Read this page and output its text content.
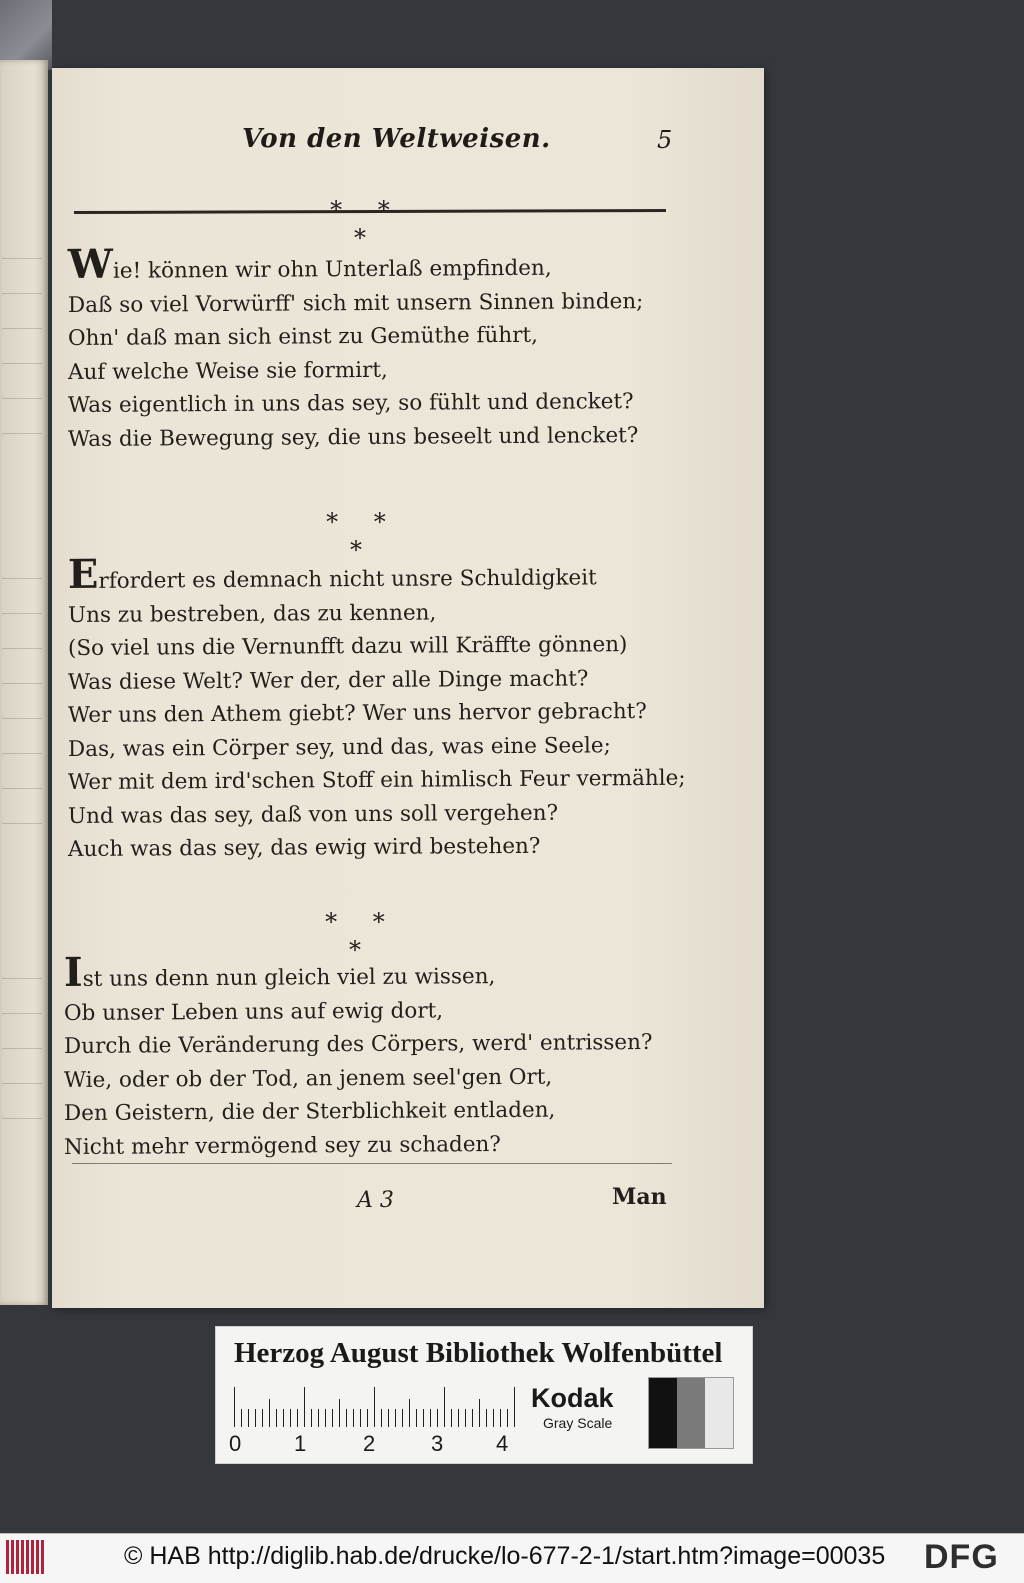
Von den Weltweisen.	5
* * *
Wie! können wir ohn Unterlaß empfinden,
Daß so viel Vorwürff' sich mit unsern Sinnen binden;
Ohn' daß man sich einst zu Gemüthe führt,
Auf welche Weise sie formirt,
Was eigentlich in uns das sey, so fühlt und dencket?
Was die Bewegung sey, die uns beseelt und lencket?
* * *
Erfordert es demnach nicht unsre Schuldigkeit
Uns zu bestreben, das zu kennen,
(So viel uns die Vernunfft dazu will Kräffte gönnen)
Was diese Welt? Wer der, der alle Dinge macht?
Wer uns den Athem giebt? Wer uns hervor gebracht?
Das, was ein Cörper sey, und das, was eine Seele;
Wer mit dem ird'schen Stoff ein himlisch Feur vermähle;
Und was das sey, daß von uns soll vergehen?
Auch was das sey, das ewig wird bestehen?
* * *
Ist uns denn nun gleich viel zu wissen,
Ob unser Leben uns auf ewig dort,
Durch die Veränderung des Cörpers, werd' entrissen?
Wie, oder ob der Tod, an jenem seel'gen Ort,
Den Geistern, die der Sterblichkeit entladen,
Nicht mehr vermögend sey zu schaden?
A 3	Man
Herzog August Bibliothek Wolfenbüttel
0 1	2	3 4
Kodak
Gray Scale
© HAB http://diglib.hab.de/drucke/lo-677-2-1/start.htm?image=00035 DFG
